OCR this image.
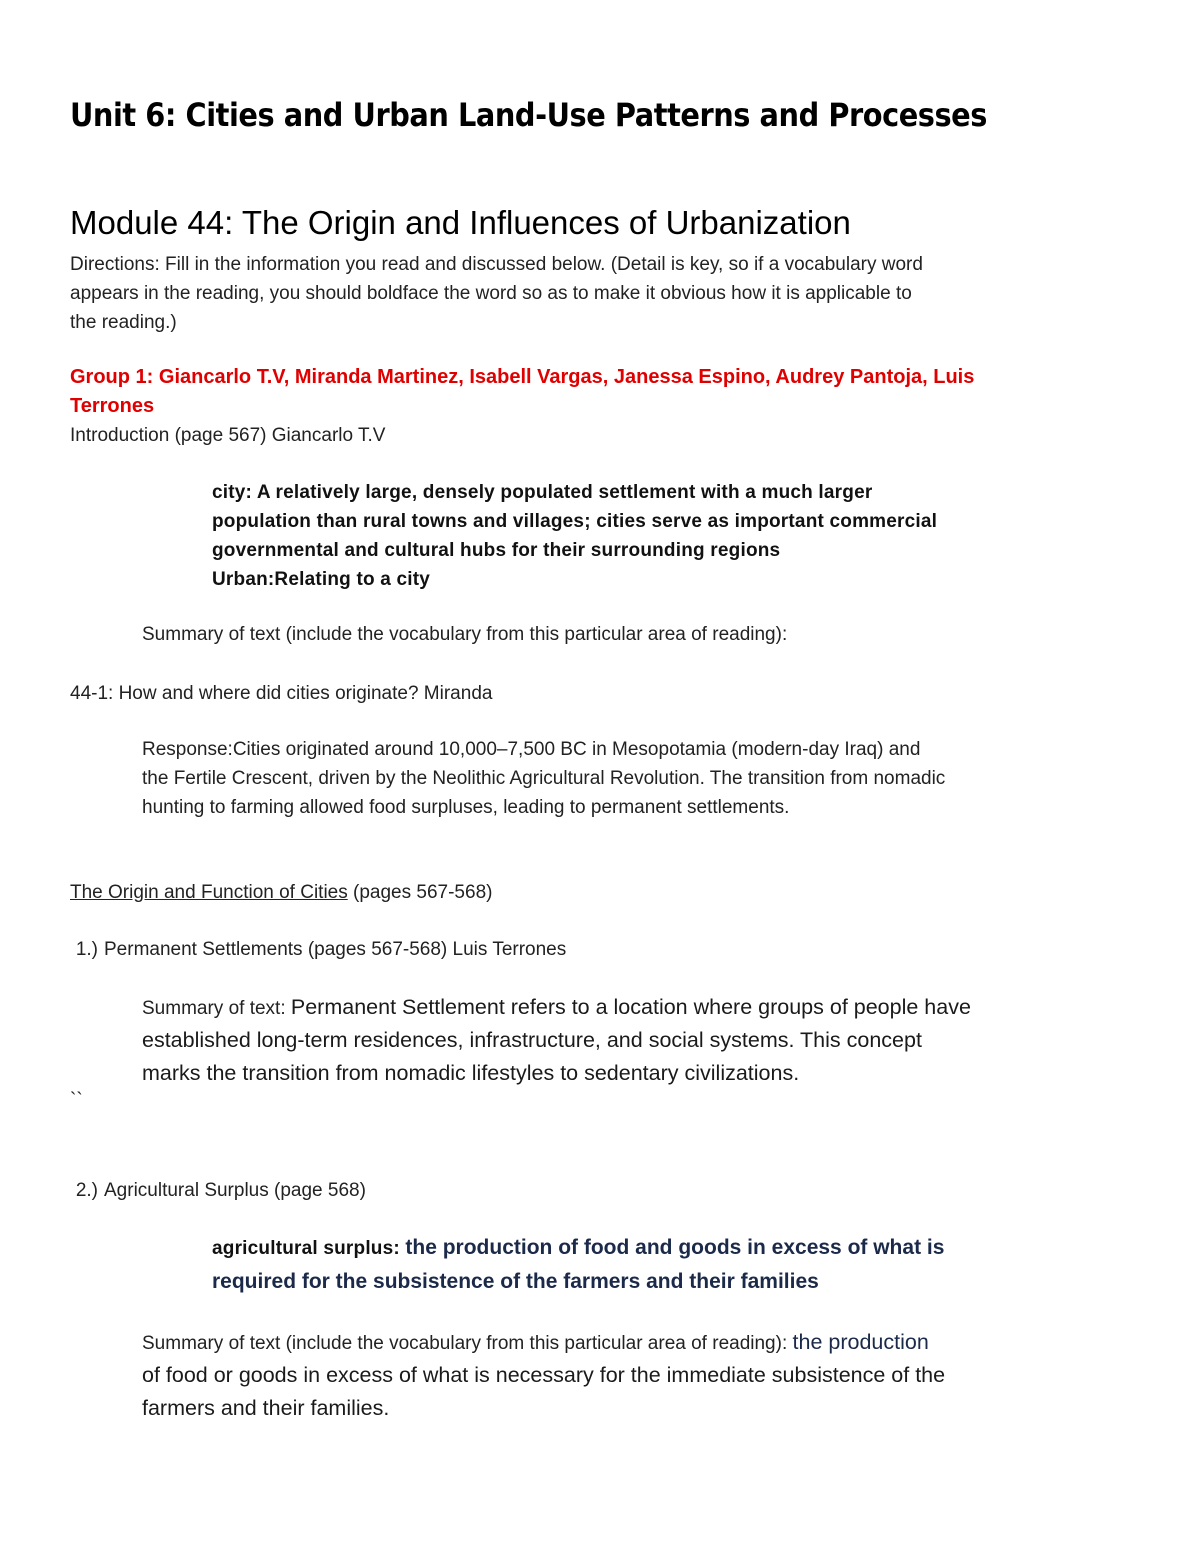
Unit 6: Cities and Urban Land-Use Patterns and Processes
Module 44: The Origin and Influences of Urbanization
Directions: Fill in the information you read and discussed below. (Detail is key, so if a vocabulary word
appears in the reading, you should boldface the word so as to make it obvious how it is applicable to
the reading.)
Group 1: Giancarlo T.V, Miranda Martinez, Isabell Vargas, Janessa Espino, Audrey Pantoja, Luis
Terrones
Introduction (page 567) Giancarlo T.V
city: A relatively large, densely populated settlement with a much larger
population than rural towns and villages; cities serve as important commercial
governmental and cultural hubs for their surrounding regions
Urban:Relating to a city
Summary of text (include the vocabulary from this particular area of reading):
44-1: How and where did cities originate? Miranda
Response:Cities originated around 10,000–7,500 BC in Mesopotamia (modern-day Iraq) and
the Fertile Crescent, driven by the Neolithic Agricultural Revolution. The transition from nomadic
hunting to farming allowed food surpluses, leading to permanent settlements.
The Origin and Function of Cities (pages 567-568)
1.) Permanent Settlements (pages 567-568) Luis Terrones
Summary of text: Permanent Settlement refers to a location where groups of people have
established long-term residences, infrastructure, and social systems. This concept
marks the transition from nomadic lifestyles to sedentary civilizations.
``
2.) Agricultural Surplus (page 568)
agricultural surplus: the production of food and goods in excess of what is
required for the subsistence of the farmers and their families
Summary of text (include the vocabulary from this particular area of reading): the production
of food or goods in excess of what is necessary for the immediate subsistence of the
farmers and their families.
